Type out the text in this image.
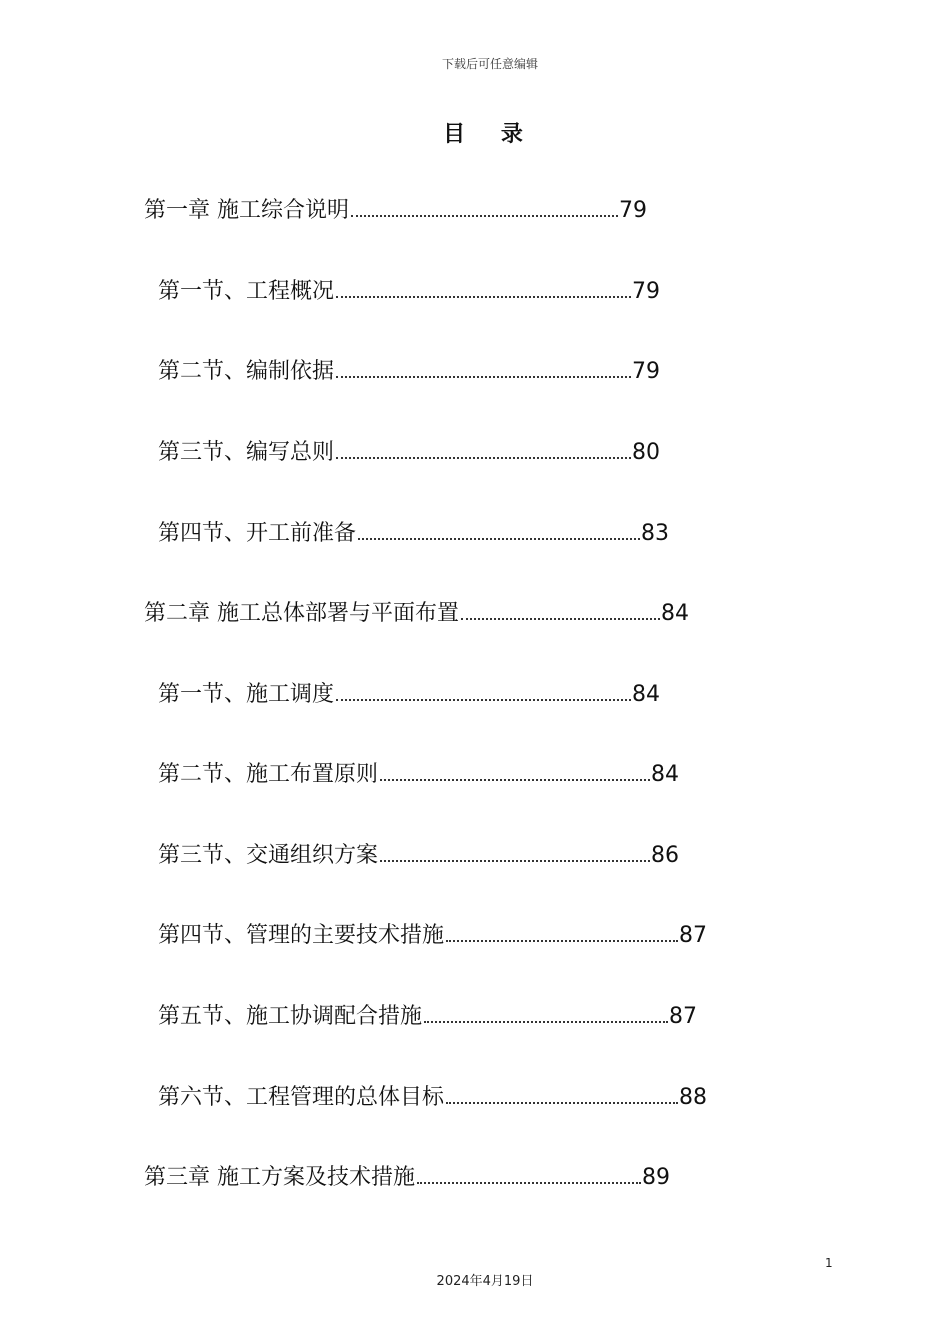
下载后可任意编辑
目 录
第一章 施工综合说明	79
第一节、工程概况	79
第二节、编制依据	79
第三节、编写总则	80
第四节、开工前准备	83
第二章 施工总体部署与平面布置	84
第一节、施工调度	84
第二节、施工布置原则	84
第三节、交通组织方案	86
第四节、管理的主要技术措施	87
第五节、施工协调配合措施	87
第六节、工程管理的总体目标	88
第三章 施工方案及技术措施	89
1
2024年4月19日
